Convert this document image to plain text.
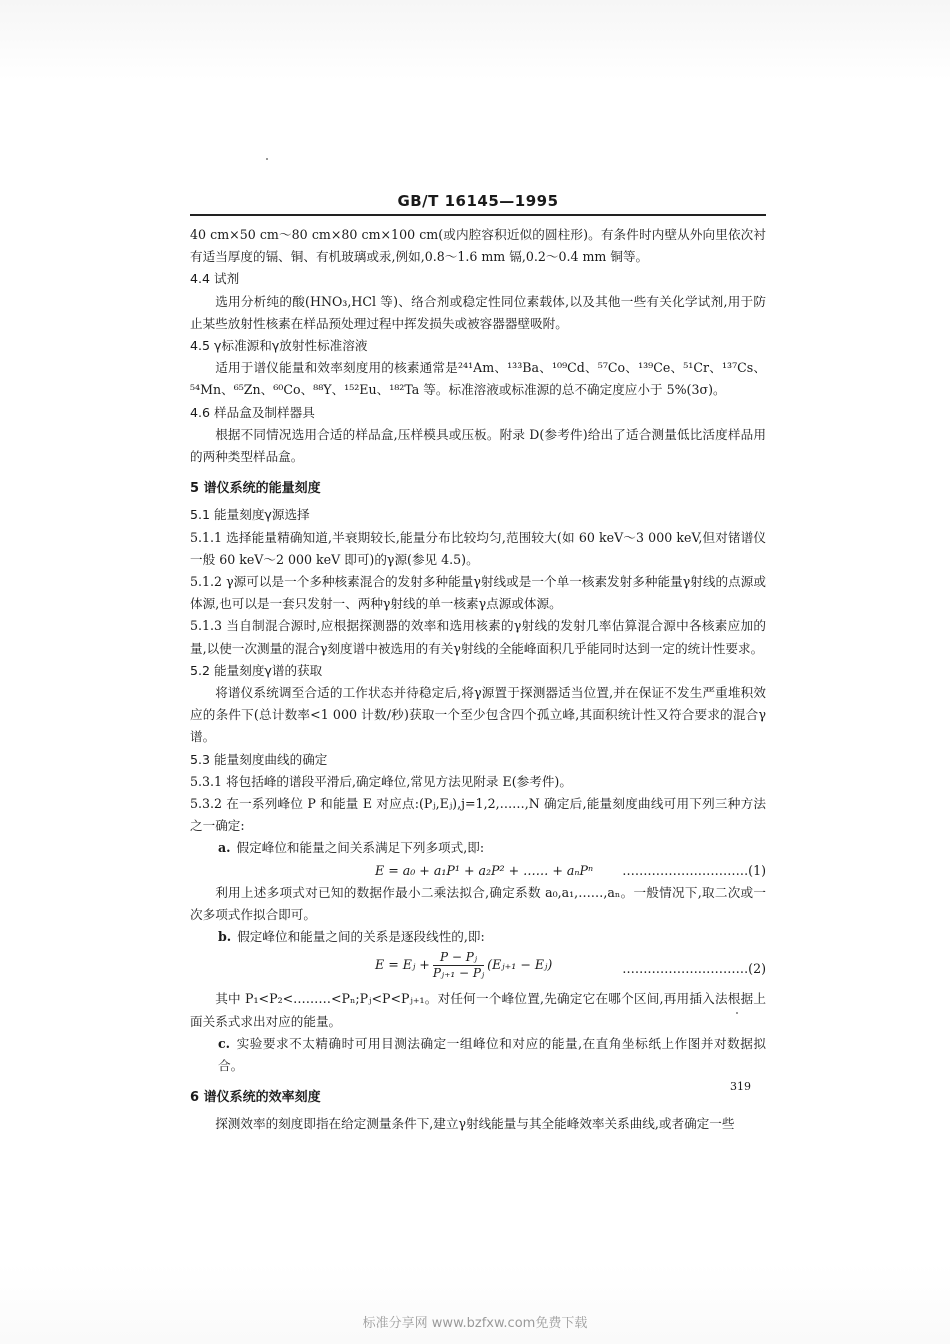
GB/T 16145—1995

40 cm×50 cm～80 cm×80 cm×100 cm(或内腔容积近似的圆柱形)。有条件时内壁从外向里依次衬有适当厚度的镉、铜、有机玻璃或汞,例如,0.8～1.6 mm 镉,0.2～0.4 mm 铜等。

4.4 试剂

选用分析纯的酸(HNO₃,HCl 等)、络合剂或稳定性同位素载体,以及其他一些有关化学试剂,用于防止某些放射性核素在样品预处理过程中挥发损失或被容器器壁吸附。

4.5 γ标准源和γ放射性标准溶液

适用于谱仪能量和效率刻度用的核素通常是²⁴¹Am、¹³³Ba、¹⁰⁹Cd、⁵⁷Co、¹³⁹Ce、⁵¹Cr、¹³⁷Cs、⁵⁴Mn、⁶⁵Zn、⁶⁰Co、⁸⁸Y、¹⁵²Eu、¹⁸²Ta 等。标准溶液或标准源的总不确定度应小于 5%(3σ)。

4.6 样品盒及制样器具

根据不同情况选用合适的样品盒,压样模具或压板。附录 D(参考件)给出了适合测量低比活度样品用的两种类型样品盒。

5 谱仪系统的能量刻度

5.1 能量刻度γ源选择

5.1.1 选择能量精确知道,半衰期较长,能量分布比较均匀,范围较大(如 60 keV～3 000 keV,但对锗谱仪一般 60 keV～2 000 keV 即可)的γ源(参见 4.5)。

5.1.2 γ源可以是一个多种核素混合的发射多种能量γ射线或是一个单一核素发射多种能量γ射线的点源或体源,也可以是一套只发射一、两种γ射线的单一核素γ点源或体源。

5.1.3 当自制混合源时,应根据探测器的效率和选用核素的γ射线的发射几率估算混合源中各核素应加的量,以使一次测量的混合γ刻度谱中被选用的有关γ射线的全能峰面积几乎能同时达到一定的统计性要求。

5.2 能量刻度γ谱的获取

将谱仪系统调至合适的工作状态并待稳定后,将γ源置于探测器适当位置,并在保证不发生严重堆积效应的条件下(总计数率<1 000 计数/秒)获取一个至少包含四个孤立峰,其面积统计性又符合要求的混合γ谱。

5.3 能量刻度曲线的确定

5.3.1 将包括峰的谱段平滑后,确定峰位,常见方法见附录 E(参考件)。

5.3.2 在一系列峰位 P 和能量 E 对应点:(Pⱼ,Eⱼ),j=1,2,……,N 确定后,能量刻度曲线可用下列三种方法之一确定:

a. 假定峰位和能量之间关系满足下列多项式,即:

E = a₀ + a₁P¹ + a₂P² + …… + aₙPⁿ …………………………(1)

利用上述多项式对已知的数据作最小二乘法拟合,确定系数 a₀,a₁,……,aₙ。一般情况下,取二次或一次多项式作拟合即可。

b. 假定峰位和能量之间的关系是逐段线性的,即:

E = Eⱼ + $\frac{\text{P − Pⱼ}}{\text{Pⱼ₊₁ − Pⱼ}}$ (Eⱼ₊₁ − Eⱼ)	…………………………(2)

其中 P₁<P₂<………<Pₙ;Pⱼ<P<Pⱼ₊₁。对任何一个峰位置,先确定它在哪个区间,再用插入法根据上面关系式求出对应的能量。

c. 实验要求不太精确时可用目测法确定一组峰位和对应的能量,在直角坐标纸上作图并对数据拟合。

6 谱仪系统的效率刻度

探测效率的刻度即指在给定测量条件下,建立γ射线能量与其全能峰效率关系曲线,或者确定一些

319
标准分享网 www.bzfxw.com免费下载
